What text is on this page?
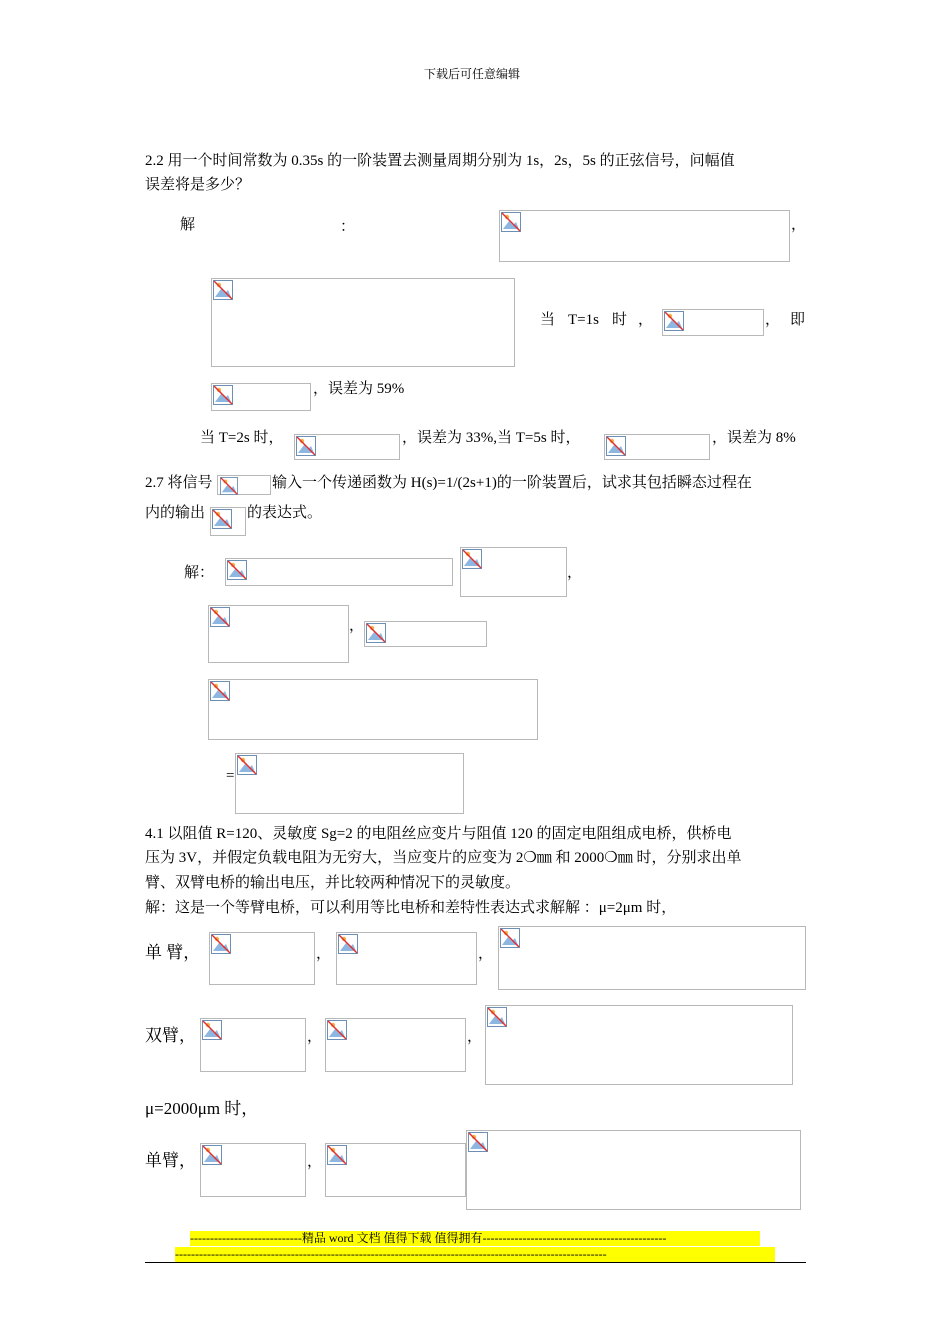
下载后可任意编辑
2.2 用一个时间常数为 0.35s 的一阶装置去测量周期分别为 1s，2s，5s 的正弦信号，问幅值
误差将是多少？
解	：	，
当 T=1s 时 ，	， 即
，误差为 59%
当 T=2s 时，	，误差为 33%,当 T=5s 时，	，误差为 8%
2.7 将信号	输入一个传递函数为 H(s)=1/(2s+1)的一阶装置后，试求其包括瞬态过程在
内的输出	的表达式。
解：	，
，
=
4.1 以阻值 R=120、灵敏度 Sg=2 的电阻丝应变片与阻值 120 的固定电阻组成电桥，供桥电
压为 3V，并假定负载电阻为无穷大，当应变片的应变为 2❍㎜ 和 2000❍㎜ 时，分别求出单
臂、双臂电桥的输出电压，并比较两种情况下的灵敏度。
解：这是一个等臂电桥，可以利用等比电桥和差特性表达式求解解 ：μ=2μm 时，
单 臂，	，	，
双臂，	，	，
μ=2000μm 时，
单臂，	，
----------------------------精品 word 文档 值得下载 值得拥有----------------------------------------------
------------------------------------------------------------------------------------------------------------
